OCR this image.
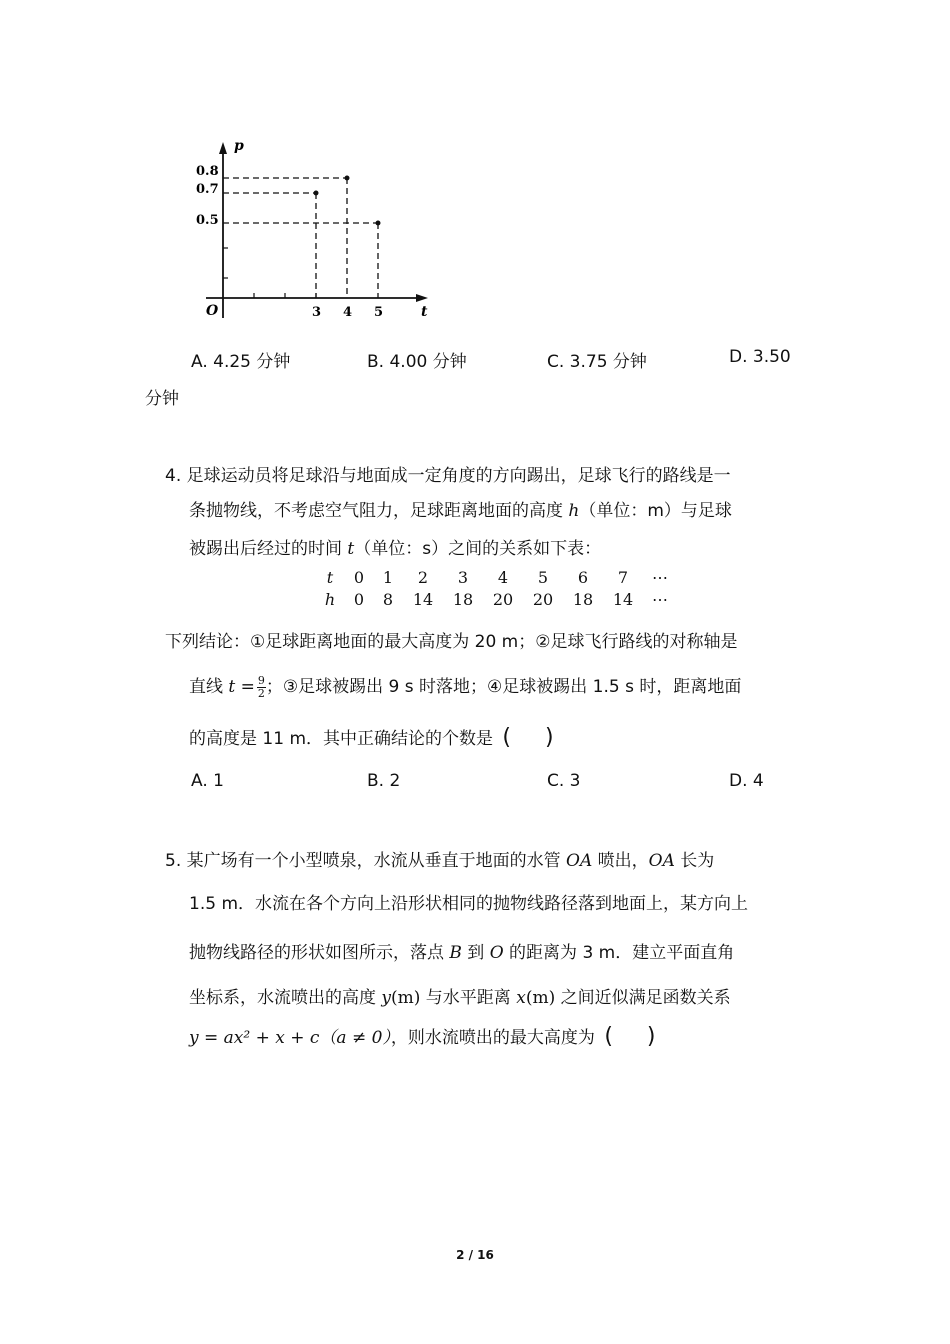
p
t
O
0.8
0.7
0.5
3 4 5
A. 4.25 分钟	B. 4.00 分钟	C. 3.75 分钟	D. 3.50
分钟
4. 足球运动员将足球沿与地面成一定角度的方向踢出，足球飞行的路线是一
条抛物线，不考虑空气阻力，足球距离地面的高度 h（单位：m）与足球
被踢出后经过的时间 t（单位：s）之间的关系如下表：
t	0	1	2	3	4	5	6	7	⋯
h	0	8	14	18	20	20	18	14	⋯
下列结论：①足球距离地面的最大高度为 20 m；②足球飞行路线的对称轴是
直线 $t = \frac{9}{2}$ ；③足球被踢出 9 s 时落地；④足球被踢出 1.5 s 时，距离地面
的高度是 11 m．其中正确结论的个数是 ( )
A. 1	B. 2	C. 3	D. 4
5. 某广场有一个小型喷泉，水流从垂直于地面的水管 OA 喷出，OA 长为
1.5 m．水流在各个方向上沿形状相同的抛物线路径落到地面上，某方向上
抛物线路径的形状如图所示，落点 B 到 O 的距离为 3 m．建立平面直角
坐标系，水流喷出的高度 y(m) 与水平距离 x(m) 之间近似满足函数关系
y = ax² + x + c（a ≠ 0），则水流喷出的最大高度为 ( )
2 / 16
